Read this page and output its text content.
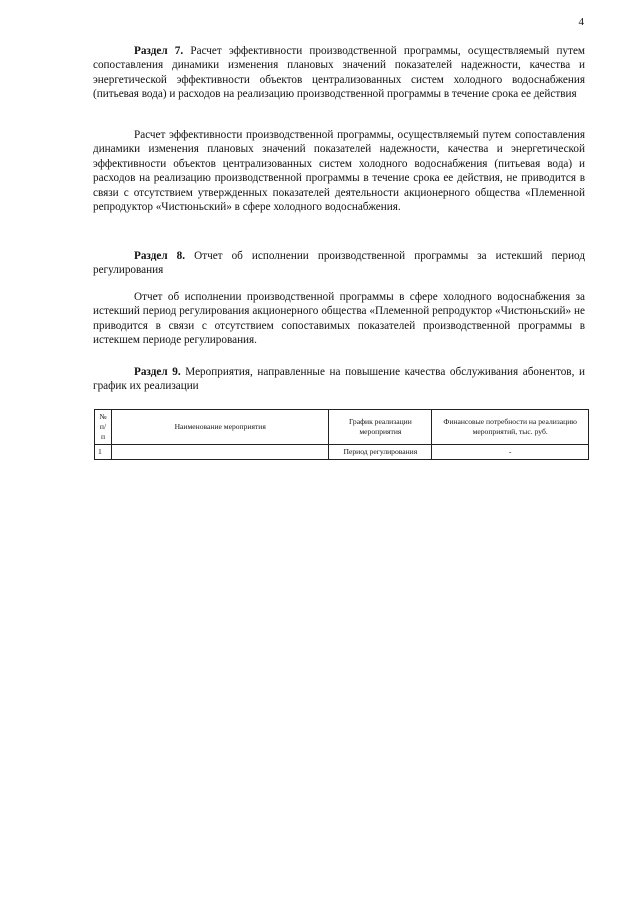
4
Раздел 7. Расчет эффективности производственной программы, осуществляемый путем сопоставления динамики изменения плановых значений показателей надежности, качества и энергетической эффективности объектов централизованных систем холодного водоснабжения (питьевая вода) и расходов на реализацию производственной программы в течение срока ее действия
Расчет эффективности производственной программы, осуществляемый путем сопоставления динамики изменения плановых значений показателей надежности, качества и энергетической эффективности объектов централизованных систем холодного водоснабжения (питьевая вода) и расходов на реализацию производственной программы в течение срока ее действия, не приводится в связи с отсутствием утвержденных показателей деятельности акционерного общества «Племенной репродуктор «Чистюньский» в сфере холодного водоснабжения.
Раздел 8. Отчет об исполнении производственной программы за истекший период регулирования
Отчет об исполнении производственной программы в сфере холодного водоснабжения за истекший период регулирования акционерного общества «Племенной репродуктор «Чистюньский» не приводится в связи с отсутствием сопоставимых показателей производственной программы в истекшем периоде регулирования.
Раздел 9. Мероприятия, направленные на повышение качества обслуживания абонентов, и график их реализации
№ п/п	Наименование мероприятия	График реализации мероприятия	Финансовые потребности на реализацию мероприятий, тыс. руб.
1		Период регулирования	-
